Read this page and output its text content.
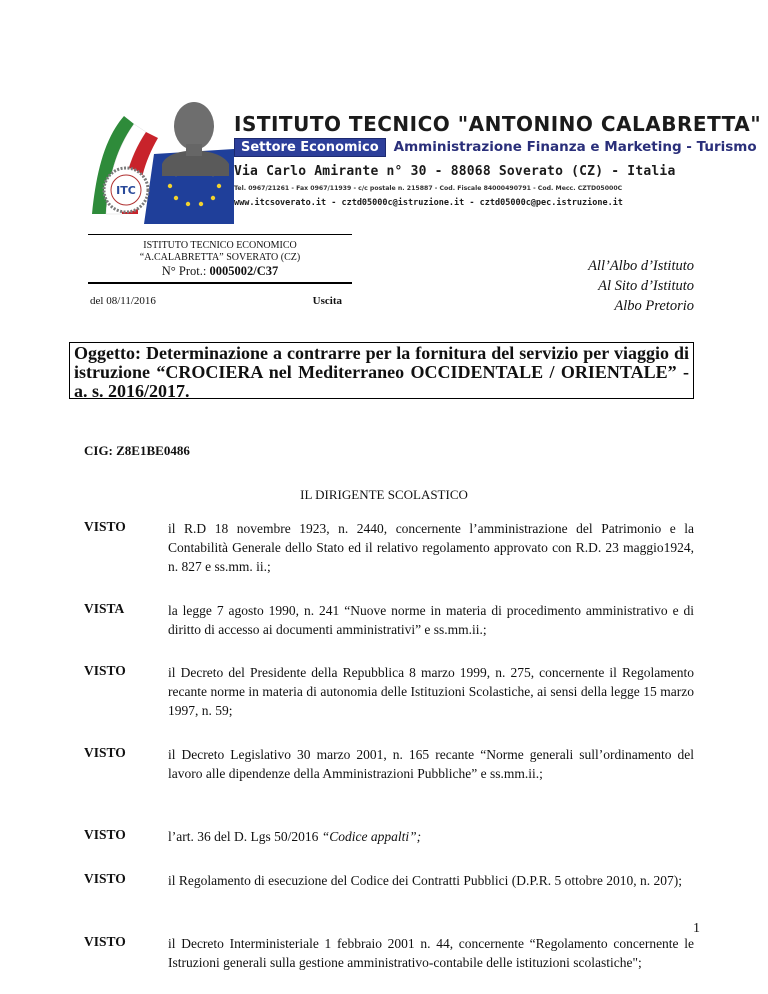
ITC
ISTITUTO TECNICO "ANTONINO CALABRETTA"
Settore Economico Amministrazione Finanza e Marketing - Turismo
Via Carlo Amirante n° 30 - 88068 Soverato (CZ) - Italia
Tel. 0967/21261 - Fax 0967/11939 - c/c postale n. 215887 - Cod. Fiscale 84000490791 - Cod. Mecc. CZTD05000C
www.itcsoverato.it - cztd05000c@istruzione.it - cztd05000c@pec.istruzione.it
ISTITUTO TECNICO ECONOMICO
“A.CALABRETTA” SOVERATO (CZ)
N° Prot.: 0005002/C37
del 08/11/2016	Uscita
All’Albo d’Istituto
Al Sito d’Istituto
Albo Pretorio
Oggetto: Determinazione a contrarre per la fornitura del servizio per viaggio di istruzione “CROCIERA nel Mediterraneo OCCIDENTALE / ORIENTALE” - a. s. 2016/2017.
CIG: Z8E1BE0486
IL DIRIGENTE SCOLASTICO
VISTO	il R.D 18 novembre 1923, n. 2440, concernente l’amministrazione del Patrimonio e la Contabilità Generale dello Stato ed il relativo regolamento approvato con R.D. 23 maggio1924, n. 827 e ss.mm. ii.;
VISTA	la legge 7 agosto 1990, n. 241 “Nuove norme in materia di procedimento amministrativo e di diritto di accesso ai documenti amministrativi” e ss.mm.ii.;
VISTO	il Decreto del Presidente della Repubblica 8 marzo 1999, n. 275, concernente il Regolamento recante norme in materia di autonomia delle Istituzioni Scolastiche, ai sensi della legge 15 marzo 1997, n. 59;
VISTO	il Decreto Legislativo 30 marzo 2001, n. 165 recante “Norme generali sull’ordinamento del lavoro alle dipendenze della Amministrazioni Pubbliche” e ss.mm.ii.;
VISTO	l’art. 36 del D. Lgs 50/2016 “Codice appalti”;
VISTO	il Regolamento di esecuzione del Codice dei Contratti Pubblici (D.P.R. 5 ottobre 2010, n. 207);
VISTO	il Decreto Interministeriale 1 febbraio 2001 n. 44, concernente “Regolamento concernente le Istruzioni generali sulla gestione amministrativo-contabile delle istituzioni scolastiche";
1
